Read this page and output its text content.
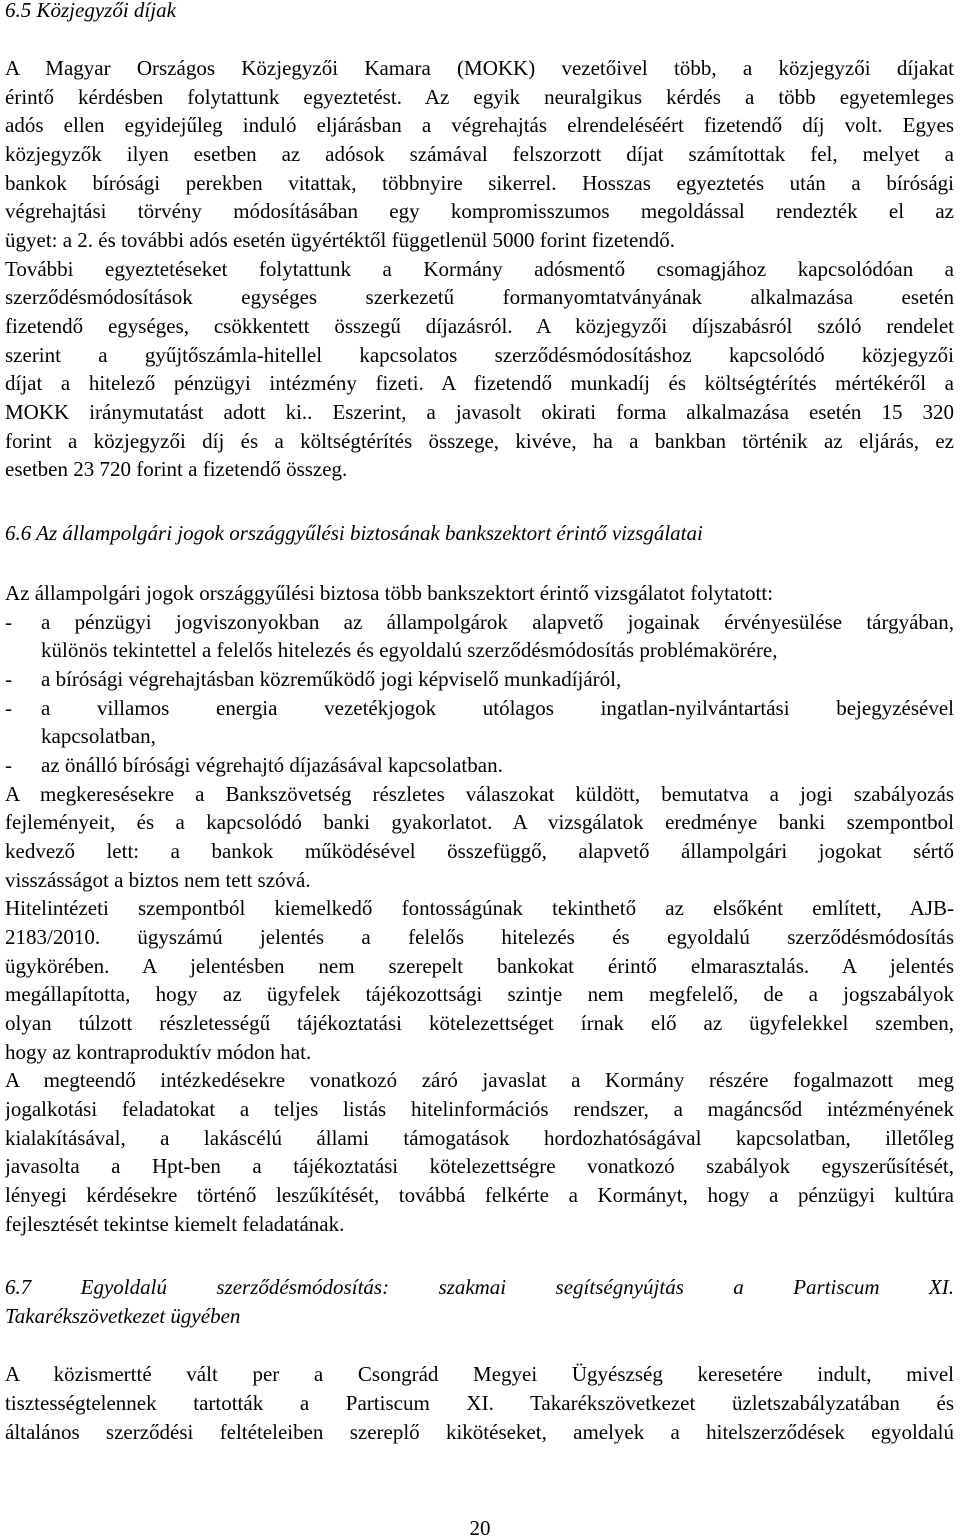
6.5 Közjegyzői díjak
A Magyar Országos Közjegyzői Kamara (MOKK) vezetőivel több, a közjegyzői díjakat
érintő kérdésben folytattunk egyeztetést. Az egyik neuralgikus kérdés a több egyetemleges
adós ellen egyidejűleg induló eljárásban a végrehajtás elrendeléséért fizetendő díj volt. Egyes
közjegyzők ilyen esetben az adósok számával felszorzott díjat számítottak fel, melyet a
bankok bírósági perekben vitattak, többnyire sikerrel. Hosszas egyeztetés után a bírósági
végrehajtási törvény módosításában egy kompromisszumos megoldással rendezték el az
ügyet: a 2. és további adós esetén ügyértéktől függetlenül 5000 forint fizetendő.
További egyeztetéseket folytattunk a Kormány adósmentő csomagjához kapcsolódóan a
szerződésmódosítások egységes szerkezetű formanyomtatványának alkalmazása esetén
fizetendő egységes, csökkentett összegű díjazásról. A közjegyzői díjszabásról szóló rendelet
szerint a gyűjtőszámla-hitellel kapcsolatos szerződésmódosításhoz kapcsolódó közjegyzői
díjat a hitelező pénzügyi intézmény fizeti. A fizetendő munkadíj és költségtérítés mértékéről a
MOKK iránymutatást adott ki.. Eszerint, a javasolt okirati forma alkalmazása esetén 15 320
forint a közjegyzői díj és a költségtérítés összege, kivéve, ha a bankban történik az eljárás, ez
esetben 23 720 forint a fizetendő összeg.
6.6 Az állampolgári jogok országgyűlési biztosának bankszektort érintő vizsgálatai
Az állampolgári jogok országgyűlési biztosa több bankszektort érintő vizsgálatot folytatott:
- a pénzügyi jogviszonyokban az állampolgárok alapvető jogainak érvényesülése tárgyában,
különös tekintettel a felelős hitelezés és egyoldalú szerződésmódosítás problémakörére,
- a bírósági végrehajtásban közreműködő jogi képviselő munkadíjáról,
- a villamos energia vezetékjogok utólagos ingatlan-nyilvántartási bejegyzésével
kapcsolatban,
- az önálló bírósági végrehajtó díjazásával kapcsolatban.
A megkeresésekre a Bankszövetség részletes válaszokat küldött, bemutatva a jogi szabályozás
fejleményeit, és a kapcsolódó banki gyakorlatot. A vizsgálatok eredménye banki szempontbol
kedvező lett: a bankok működésével összefüggő, alapvető állampolgári jogokat sértő
visszásságot a biztos nem tett szóvá.
Hitelintézeti szempontból kiemelkedő fontosságúnak tekinthető az elsőként említett, AJB-
2183/2010. ügyszámú jelentés a felelős hitelezés és egyoldalú szerződésmódosítás
ügykörében. A jelentésben nem szerepelt bankokat érintő elmarasztalás. A jelentés
megállapította, hogy az ügyfelek tájékozottsági szintje nem megfelelő, de a jogszabályok
olyan túlzott részletességű tájékoztatási kötelezettséget írnak elő az ügyfelekkel szemben,
hogy az kontraproduktív módon hat.
A megteendő intézkedésekre vonatkozó záró javaslat a Kormány részére fogalmazott meg
jogalkotási feladatokat a teljes listás hitelinformációs rendszer, a magáncsőd intézményének
kialakításával, a lakáscélú állami támogatások hordozhatóságával kapcsolatban, illetőleg
javasolta a Hpt-ben a tájékoztatási kötelezettségre vonatkozó szabályok egyszerűsítését,
lényegi kérdésekre történő leszűkítését, továbbá felkérte a Kormányt, hogy a pénzügyi kultúra
fejlesztését tekintse kiemelt feladatának.
6.7 Egyoldalú szerződésmódosítás: szakmai segítségnyújtás a Partiscum XI.
Takarékszövetkezet ügyében
A közismertté vált per a Csongrád Megyei Ügyészség keresetére indult, mivel
tisztességtelennek tartották a Partiscum XI. Takarékszövetkezet üzletszabályzatában és
általános szerződési feltételeiben szereplő kikötéseket, amelyek a hitelszerződések egyoldalú
20
